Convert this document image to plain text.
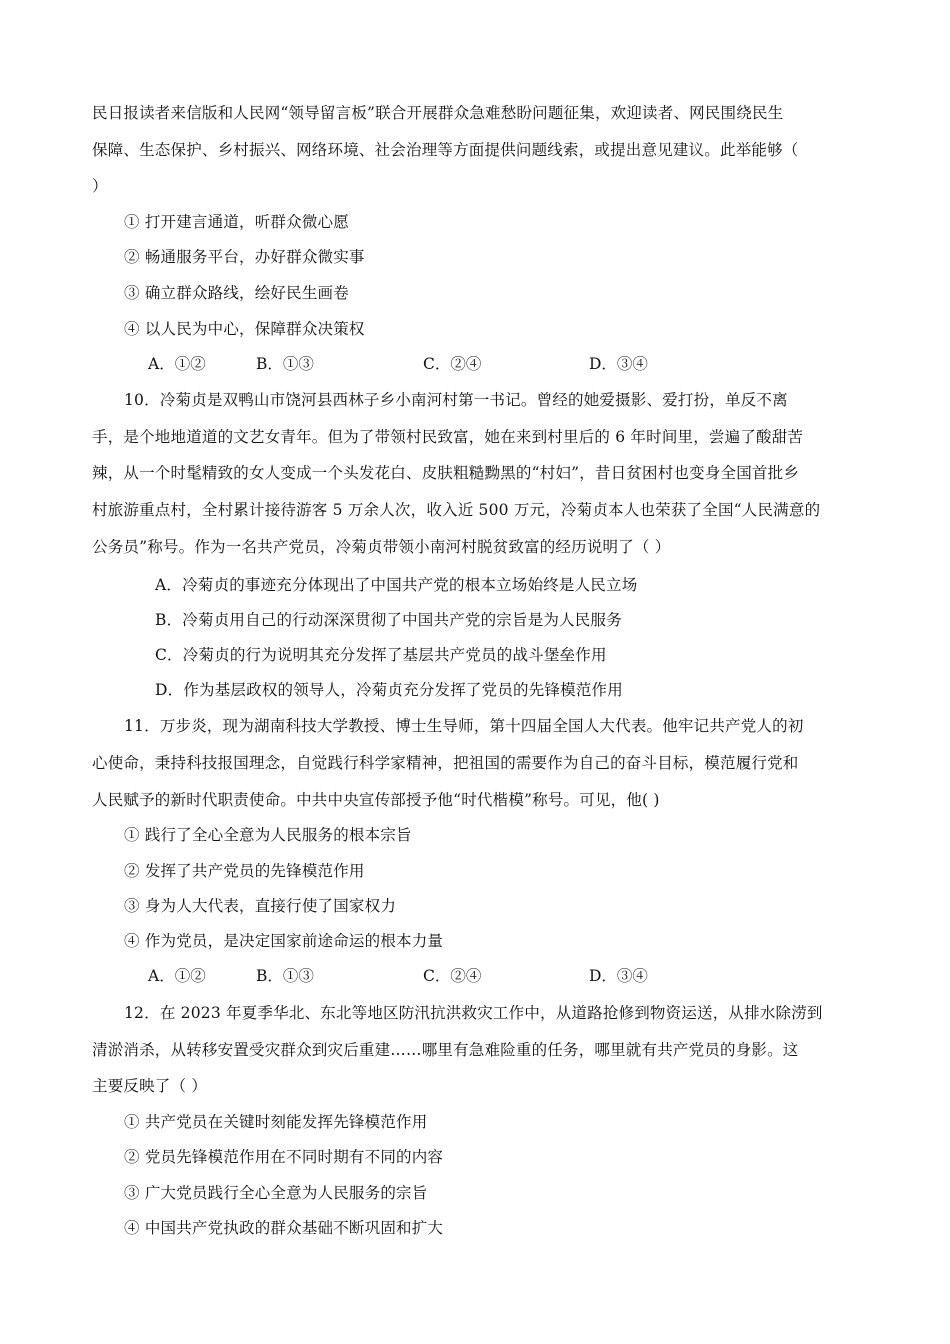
民日报读者来信版和人民网“领导留言板”联合开展群众急难愁盼问题征集，欢迎读者、网民围绕民生
保障、生态保护、乡村振兴、网络环境、社会治理等方面提供问题线索，或提出意见建议。此举能够（
）
① 打开建言通道，听群众微心愿
② 畅通服务平台，办好群众微实事
③ 确立群众路线，绘好民生画卷
④ 以人民为中心，保障群众决策权
A．①②	B．①③	C．②④	D．③④
10．冷菊贞是双鸭山市饶河县西林子乡小南河村第一书记。曾经的她爱摄影、爱打扮，单反不离
手，是个地地道道的文艺女青年。但为了带领村民致富，她在来到村里后的 6 年时间里，尝遍了酸甜苦
辣，从一个时髦精致的女人变成一个头发花白、皮肤粗糙黝黑的“村妇”，昔日贫困村也变身全国首批乡
村旅游重点村，全村累计接待游客 5 万余人次，收入近 500 万元，冷菊贞本人也荣获了全国“人民满意的
公务员”称号。作为一名共产党员，冷菊贞带领小南河村脱贫致富的经历说明了（ ）
A．冷菊贞的事迹充分体现出了中国共产党的根本立场始终是人民立场
B．冷菊贞用自己的行动深深贯彻了中国共产党的宗旨是为人民服务
C．冷菊贞的行为说明其充分发挥了基层共产党员的战斗堡垒作用
D．作为基层政权的领导人，冷菊贞充分发挥了党员的先锋模范作用
11．万步炎，现为湖南科技大学教授、博士生导师，第十四届全国人大代表。他牢记共产党人的初
心使命，秉持科技报国理念，自觉践行科学家精神，把祖国的需要作为自己的奋斗目标，模范履行党和
人民赋予的新时代职责使命。中共中央宣传部授予他“时代楷模”称号。可见，他( )
① 践行了全心全意为人民服务的根本宗旨
② 发挥了共产党员的先锋模范作用
③ 身为人大代表，直接行使了国家权力
④ 作为党员，是决定国家前途命运的根本力量
A．①②	B．①③	C．②④	D．③④
12．在 2023 年夏季华北、东北等地区防汛抗洪救灾工作中，从道路抢修到物资运送，从排水除涝到
清淤消杀，从转移安置受灾群众到灾后重建……哪里有急难险重的任务，哪里就有共产党员的身影。这
主要反映了（ ）
① 共产党员在关键时刻能发挥先锋模范作用
② 党员先锋模范作用在不同时期有不同的内容
③ 广大党员践行全心全意为人民服务的宗旨
④ 中国共产党执政的群众基础不断巩固和扩大
